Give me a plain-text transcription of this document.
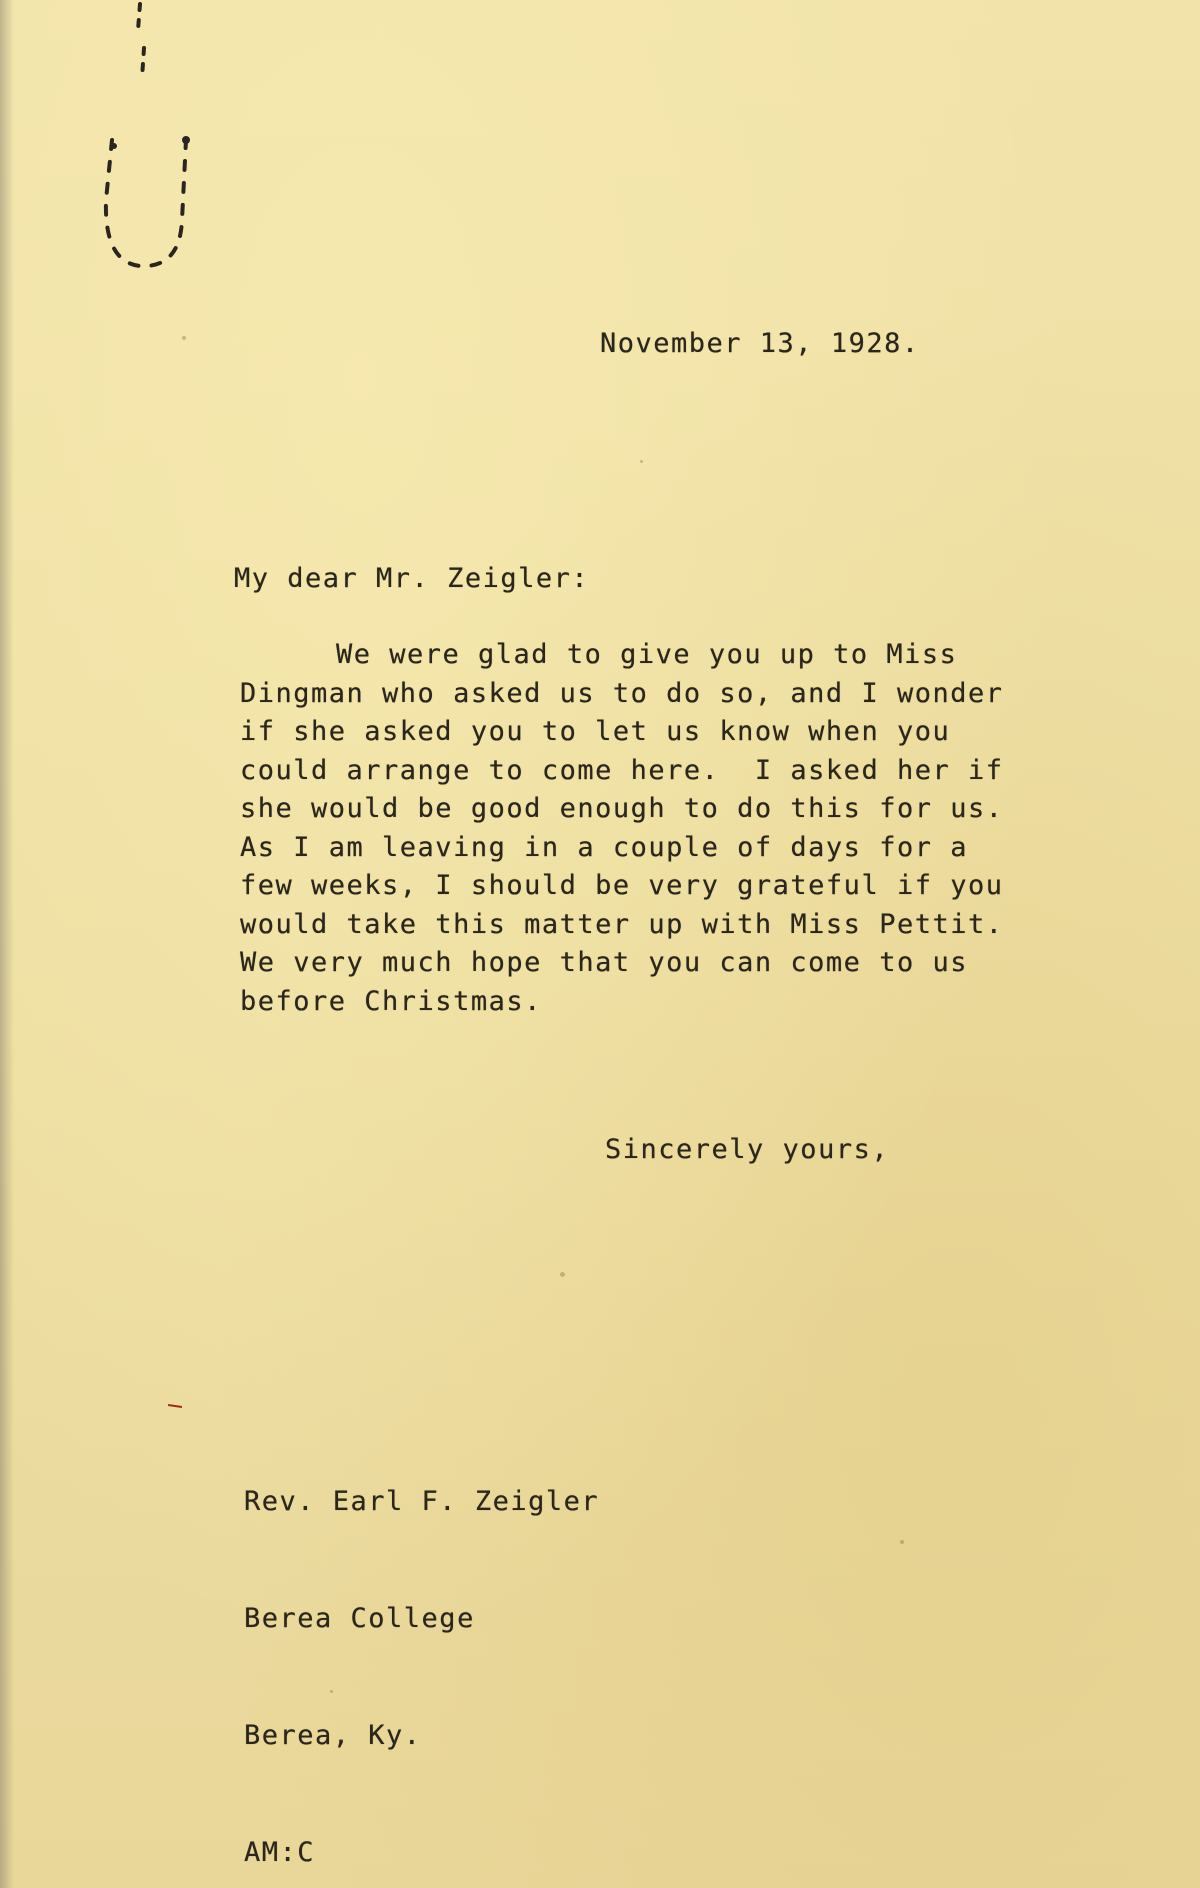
November 13, 1928.
My dear Mr. Zeigler:
We were glad to give you up to Miss
Dingman who asked us to do so, and I wonder
if she asked you to let us know when you
could arrange to come here.  I asked her if
she would be good enough to do this for us.
As I am leaving in a couple of days for a
few weeks, I should be very grateful if you
would take this matter up with Miss Pettit.
We very much hope that you can come to us
before Christmas.
Sincerely yours,

Rev. Earl F. Zeigler

Berea College

Berea, Ky.

AM:C
